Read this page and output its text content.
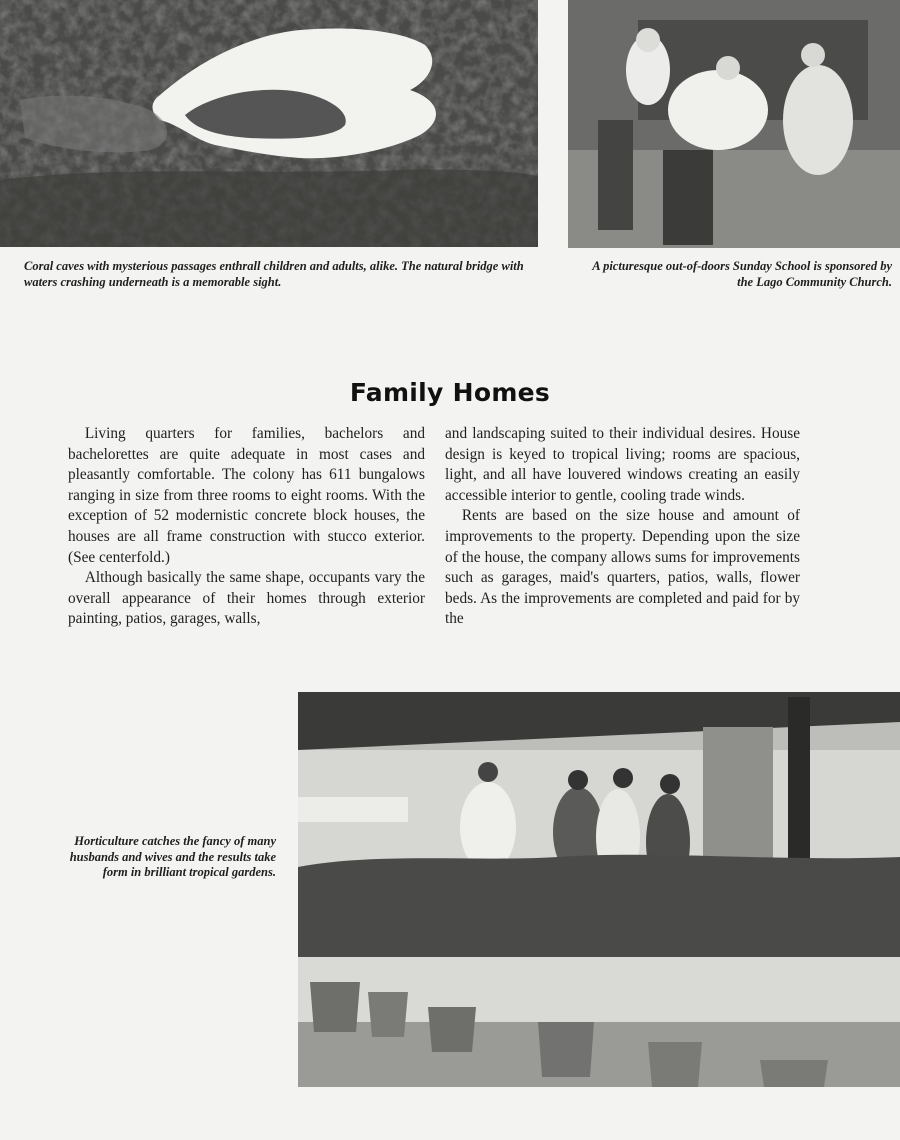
Coral caves with mysterious passages enthrall children and adults, alike. The natural bridge with waters crashing underneath is a memorable sight.
A picturesque out-of-doors Sunday School is sponsored by the Lago Community Church.
Family Homes

Living quarters for families, bachelors and bachelorettes are quite adequate in most cases and pleasantly comfortable. The colony has 611 bungalows ranging in size from three rooms to eight rooms. With the exception of 52 modernistic concrete block houses, the houses are all frame construction with stucco exterior. (See centerfold.)

Although basically the same shape, occupants vary the overall appearance of their homes through exterior painting, patios, garages, walls,

and landscaping suited to their individual desires. House design is keyed to tropical living; rooms are spacious, light, and all have louvered windows creating an easily accessible interior to gentle, cooling trade winds.

Rents are based on the size house and amount of improvements to the property. Depending upon the size of the house, the company allows sums for improvements such as garages, maid's quarters, patios, walls, flower beds. As the improvements are completed and paid for by the

Horticulture catches the fancy of many husbands and wives and the results take form in brilliant tropical gardens.
